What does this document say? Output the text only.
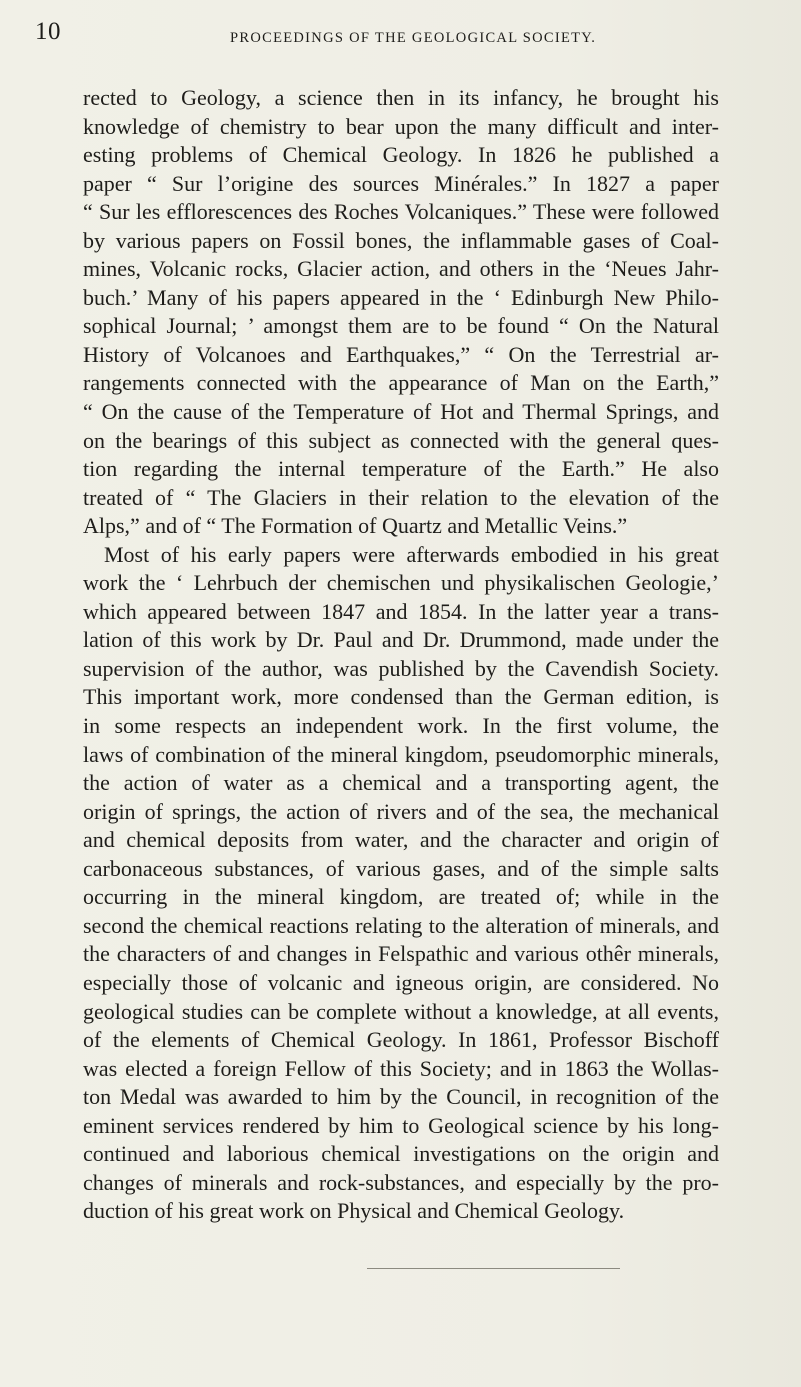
10	PROCEEDINGS OF THE GEOLOGICAL SOCIETY.
rected to Geology, a science then in its infancy, he brought his
knowledge of chemistry to bear upon the many difficult and inter-
esting problems of Chemical Geology. In 1826 he published a
paper “ Sur l’origine des sources Minérales.” In 1827 a paper
“ Sur les efflorescences des Roches Volcaniques.” These were followed
by various papers on Fossil bones, the inflammable gases of Coal-
mines, Volcanic rocks, Glacier action, and others in the ‘Neues Jahr-
buch.’ Many of his papers appeared in the ‘ Edinburgh New Philo-
sophical Journal; ’ amongst them are to be found “ On the Natural
History of Volcanoes and Earthquakes,” “ On the Terrestrial ar-
rangements connected with the appearance of Man on the Earth,”
“ On the cause of the Temperature of Hot and Thermal Springs, and
on the bearings of this subject as connected with the general ques-
tion regarding the internal temperature of the Earth.” He also
treated of “ The Glaciers in their relation to the elevation of the
Alps,” and of “ The Formation of Quartz and Metallic Veins.”
Most of his early papers were afterwards embodied in his great
work the ‘ Lehrbuch der chemischen und physikalischen Geologie,’
which appeared between 1847 and 1854. In the latter year a trans-
lation of this work by Dr. Paul and Dr. Drummond, made under the
supervision of the author, was published by the Cavendish Society.
This important work, more condensed than the German edition, is
in some respects an independent work. In the first volume, the
laws of combination of the mineral kingdom, pseudomorphic minerals,
the action of water as a chemical and a transporting agent, the
origin of springs, the action of rivers and of the sea, the mechanical
and chemical deposits from water, and the character and origin of
carbonaceous substances, of various gases, and of the simple salts
occurring in the mineral kingdom, are treated of; while in the
second the chemical reactions relating to the alteration of minerals, and
the characters of and changes in Felspathic and various othêr minerals,
especially those of volcanic and igneous origin, are considered. No
geological studies can be complete without a knowledge, at all events,
of the elements of Chemical Geology. In 1861, Professor Bischoff
was elected a foreign Fellow of this Society; and in 1863 the Wollas-
ton Medal was awarded to him by the Council, in recognition of the
eminent services rendered by him to Geological science by his long-
continued and laborious chemical investigations on the origin and
changes of minerals and rock-substances, and especially by the pro-
duction of his great work on Physical and Chemical Geology.
